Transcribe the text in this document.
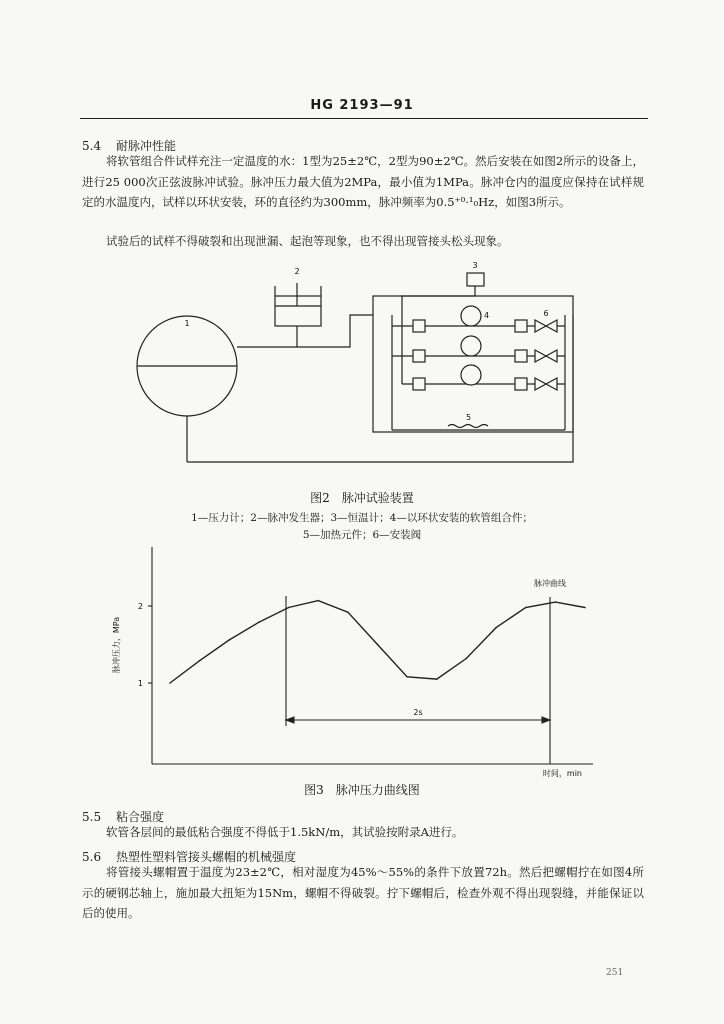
HG 2193—91
5.4 耐脉冲性能

将软管组合件试样充注一定温度的水：1型为25±2℃，2型为90±2℃。然后安装在如图2所示的设备上，进行25 000次正弦波脉冲试验。脉冲压力最大值为2MPa，最小值为1MPa。脉冲仓内的温度应保持在试样规定的水温度内，试样以环状安装，环的直径约为300mm，脉冲频率为0.5⁺⁰·¹₀Hz，如图3所示。

试验后的试样不得破裂和出现泄漏、起泡等现象，也不得出现管接头松头现象。

1
2
3
4
5
6
图2　脉冲试验装置
1—压力计；2—脉冲发生器；3—恒温计；4—以环状安装的软管组合件；
5—加热元件；6—安装阀
2
1
脉冲压力，MPa
2s
脉冲曲线
时间，min
图3　脉冲压力曲线图
5.5 粘合强度

软管各层间的最低粘合强度不得低于1.5kN/m，其试验按附录A进行。

5.6 热塑性塑料管接头螺帽的机械强度

将管接头螺帽置于温度为23±2℃，相对湿度为45%～55%的条件下放置72h。然后把螺帽拧在如图4所示的硬钢芯轴上，施加最大扭矩为15Nm，螺帽不得破裂。拧下螺帽后，检查外观不得出现裂缝，并能保证以后的使用。

251
